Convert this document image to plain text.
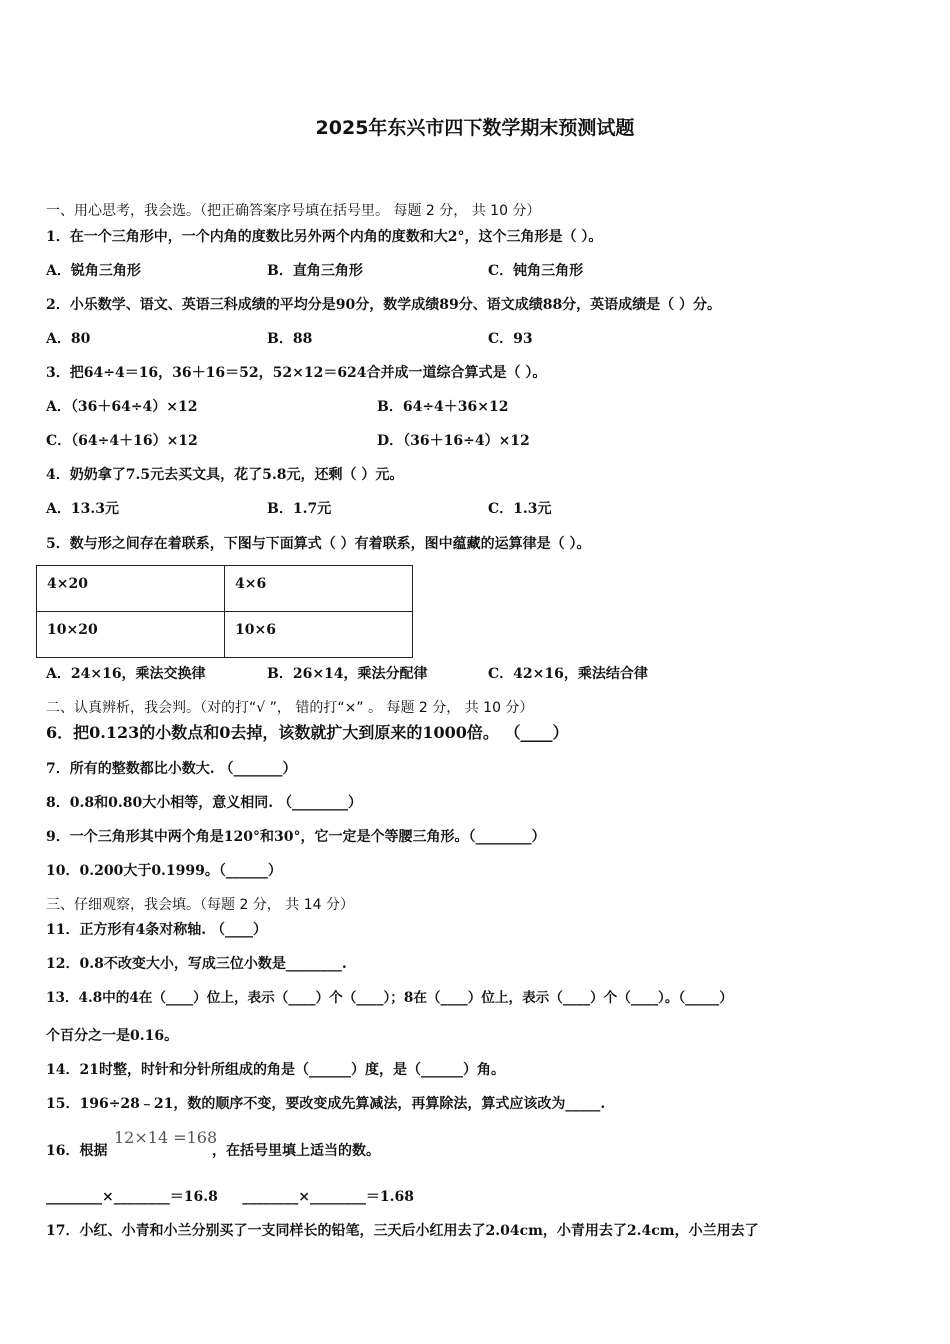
2025年东兴市四下数学期末预测试题
一、用心思考，我会选。（把正确答案序号填在括号里。 每题 2 分， 共 10 分）
1．在一个三角形中，一个内角的度数比另外两个内角的度数和大2°，这个三角形是（ ）。
A．锐角三角形	B．直角三角形	C．钝角三角形
2．小乐数学、语文、英语三科成绩的平均分是90分，数学成绩89分、语文成绩88分，英语成绩是（ ）分。
A．80	B．88	C．93
3．把64÷4＝16，36＋16＝52，52×12＝624合并成一道综合算式是（ ）。
A．（36＋64÷4）×12	B．64÷4＋36×12
C．（64÷4＋16）×12	D．（36＋16÷4）×12
4．奶奶拿了7.5元去买文具，花了5.8元，还剩（ ）元。
A．13.3元	B．1.7元	C．1.3元
5．数与形之间存在着联系，下图与下面算式（ ）有着联系，图中蕴藏的运算律是（ ）。
4×20	4×6
10×20	10×6
A．24×16，乘法交换律	B．26×14，乘法分配律	C．42×16，乘法结合律
二、认真辨析，我会判。（对的打“√ ”， 错的打“×” 。 每题 2 分， 共 10 分）
6．把0.123的小数点和0去掉，该数就扩大到原来的1000倍。 （____）
7．所有的整数都比小数大. （_______）
8．0.8和0.80大小相等，意义相同. （________）
9．一个三角形其中两个角是120°和30°，它一定是个等腰三角形。（________）
10．0.200大于0.1999。（______）
三、仔细观察，我会填。（每题 2 分， 共 14 分）
11．正方形有4条对称轴. （____）
12．0.8不改变大小，写成三位小数是________.
13．4.8中的4在（____）位上，表示（____）个（____）；8在（____）位上，表示（____）个（____）。（_____）
个百分之一是0.16。
14．21时整，时针和分针所组成的角是（______）度，是（______）角。
15．196÷28﹣21，数的顺序不变，要改变成先算减法，再算除法，算式应该改为_____.
16．根据
12×14 =168
，在括号里填上适当的数。
________×________＝16.8     ________×________＝1.68
17．小红、小青和小兰分别买了一支同样长的铅笔，三天后小红用去了2.04cm，小青用去了2.4cm，小兰用去了
